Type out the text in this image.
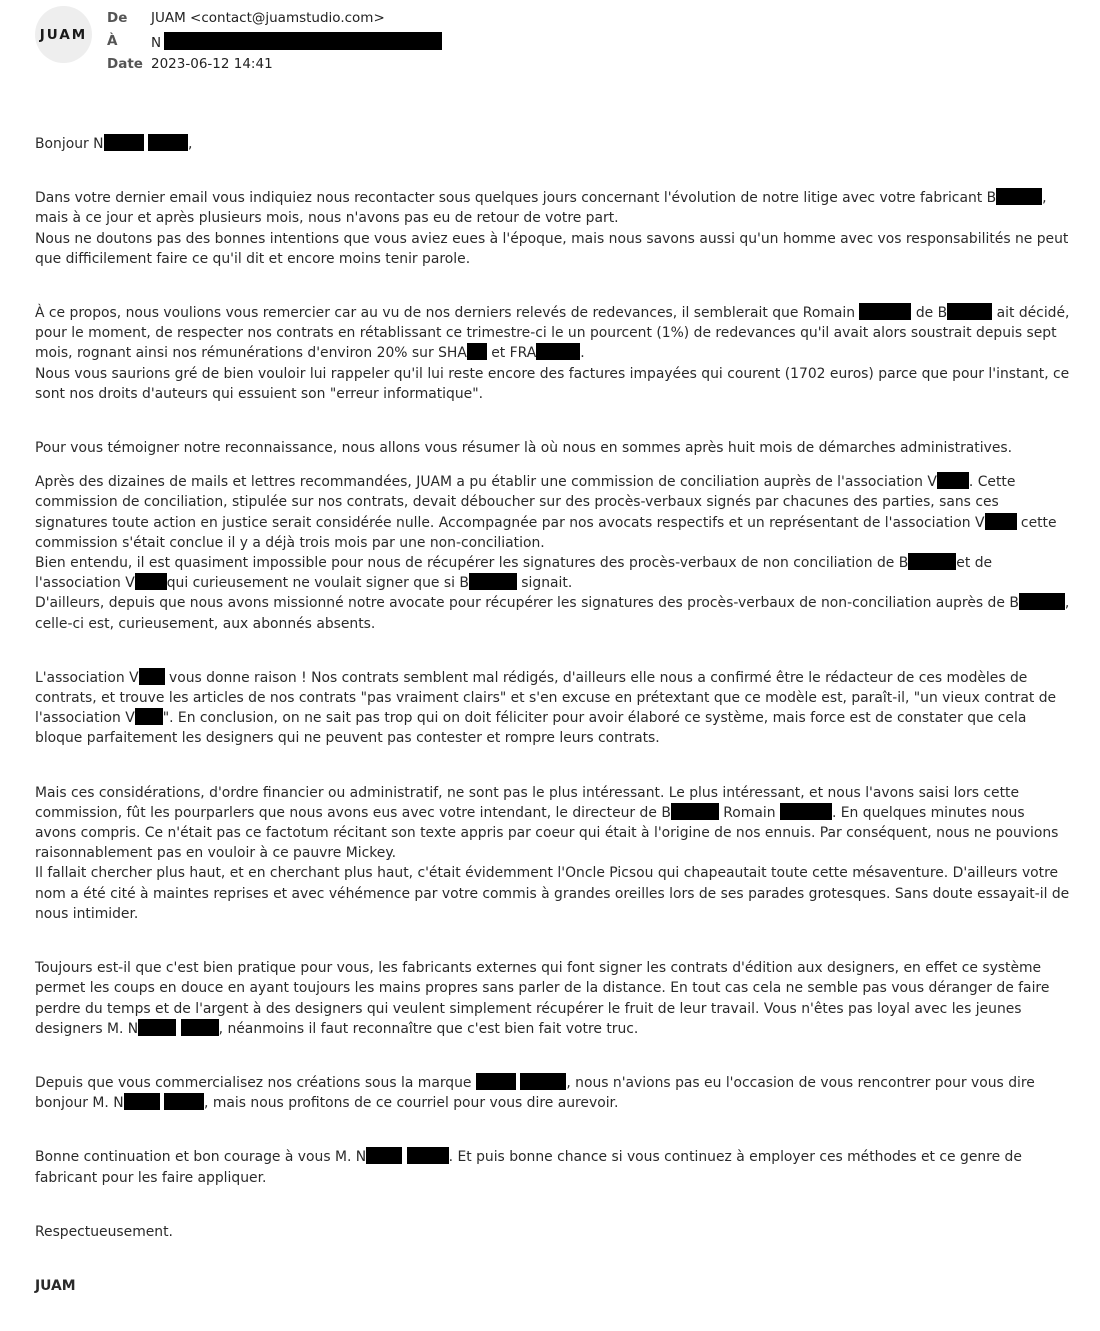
JUAM
De JUAM <contact@juamstudio.com>
À N
Date 2023-06-12 14:41

Bonjour N	,

Dans votre dernier email vous indiquiez nous recontacter sous quelques jours concernant l'évolution de notre litige avec votre fabricant B	, mais à ce jour et après plusieurs mois, nous n'avons pas eu de retour de votre part.
Nous ne doutons pas des bonnes intentions que vous aviez eues à l'époque, mais nous savons aussi qu'un homme avec vos responsabilités ne peut que difficilement faire ce qu'il dit et encore moins tenir parole.

À ce propos, nous voulions vous remercier car au vu de nos derniers relevés de redevances, il semblerait que Romain	de B	ait décidé, pour le moment, de respecter nos contrats en rétablissant ce trimestre-ci le un pourcent (1%) de redevances qu'il avait alors soustrait depuis sept mois, rognant ainsi nos rémunérations d'environ 20% sur SHA et FRA	.
Nous vous saurions gré de bien vouloir lui rappeler qu'il lui reste encore des factures impayées qui courent (1702 euros) parce que pour l'instant, ce sont nos droits d'auteurs qui essuient son "erreur informatique".

Pour vous témoigner notre reconnaissance, nous allons vous résumer là où nous en sommes après huit mois de démarches administratives.

Après des dizaines de mails et lettres recommandées, JUAM a pu établir une commission de conciliation auprès de l'association V . Cette commission de conciliation, stipulée sur nos contrats, devait déboucher sur des procès-verbaux signés par chacunes des parties, sans ces signatures toute action en justice serait considérée nulle. Accompagnée par nos avocats respectifs et un représentant de l'association V cette commission s'était conclue il y a déjà trois mois par une non-conciliation.
Bien entendu, il est quasiment impossible pour nous de récupérer les signatures des procès-verbaux de non conciliation de B	et de l'association V qui curieusement ne voulait signer que si B	signait.
D'ailleurs, depuis que nous avons missionné notre avocate pour récupérer les signatures des procès-verbaux de non-conciliation auprès de B	, celle-ci est, curieusement, aux abonnés absents.

L'association V vous donne raison ! Nos contrats semblent mal rédigés, d'ailleurs elle nous a confirmé être le rédacteur de ces modèles de contrats, et trouve les articles de nos contrats "pas vraiment clairs" et s'en excuse en prétextant que ce modèle est, paraît-il, "un vieux contrat de l'association V ". En conclusion, on ne sait pas trop qui on doit féliciter pour avoir élaboré ce système, mais force est de constater que cela bloque parfaitement les designers qui ne peuvent pas contester et rompre leurs contrats.

Mais ces considérations, d'ordre financier ou administratif, ne sont pas le plus intéressant. Le plus intéressant, et nous l'avons saisi lors cette commission, fût les pourparlers que nous avons eus avec votre intendant, le directeur de B	Romain	. En quelques minutes nous avons compris. Ce n'était pas ce factotum récitant son texte appris par coeur qui était à l'origine de nos ennuis. Par conséquent, nous ne pouvions raisonnablement pas en vouloir à ce pauvre Mickey.
Il fallait chercher plus haut, et en cherchant plus haut, c'était évidemment l'Oncle Picsou qui chapeautait toute cette mésaventure. D'ailleurs votre nom a été cité à maintes reprises et avec véhémence par votre commis à grandes oreilles lors de ses parades grotesques. Sans doute essayait-il de nous intimider.

Toujours est-il que c'est bien pratique pour vous, les fabricants externes qui font signer les contrats d'édition aux designers, en effet ce système permet les coups en douce en ayant toujours les mains propres sans parler de la distance. En tout cas cela ne semble pas vous déranger de faire perdre du temps et de l'argent à des designers qui veulent simplement récupérer le fruit de leur travail. Vous n'êtes pas loyal avec les jeunes designers M. N	, néanmoins il faut reconnaître que c'est bien fait votre truc.

Depuis que vous commercialisez nos créations sous la marque	, nous n'avions pas eu l'occasion de vous rencontrer pour vous dire bonjour M. N	, mais nous profitons de ce courriel pour vous dire aurevoir.

Bonne continuation et bon courage à vous M. N	. Et puis bonne chance si vous continuez à employer ces méthodes et ce genre de fabricant pour les faire appliquer.

Respectueusement.

JUAM
